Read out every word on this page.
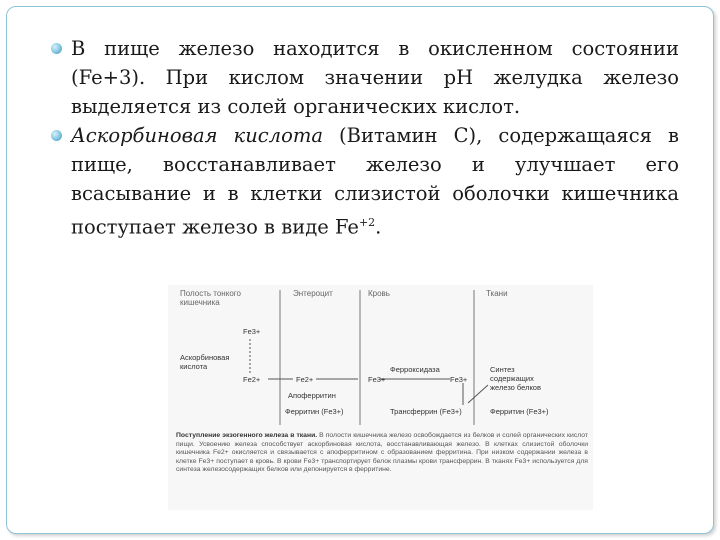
В пище железо находится в окисленном состоянии (Fe+3). При кислом значении pH желудка железо выделяется из солей органических кислот.

Аскорбиновая кислота (Витамин C), содержащаяся в пище, восстанавливает железо и улучшает его всасывание и в клетки слизистой оболочки кишечника поступает железо в виде $Fe^{+2}$.

Полость тонкого кишечника
Энтероцит	Кровь	Ткани
Fe3+
Аскорбиновая кислота
Fe2+	Fe2+	Fe3+	Fe3+
Ферроксидаза
Апоферритин
Ферритин (Fe3+)	Трансферрин (Fe3+)
Синтез содержащих железо белков
Ферритин (Fe3+)
Поступление экзогенного железа в ткани. В полости кишечника железо освобождается из белков и солей органических кислот пищи. Усвоению железа способствует аскорбиновая кислота, восстанавливающая железо. В клетках слизистой оболочки кишечника Fe2+ окисляется и связывается с апоферритином с образованием ферритина. При низком содержании железа в клетке Fe3+ поступает в кровь. В крови Fe3+ транспортирует белок плазмы крови трансферрин. В тканях Fe3+ используется для синтеза железосодержащих белков или депонируется в ферритине.
